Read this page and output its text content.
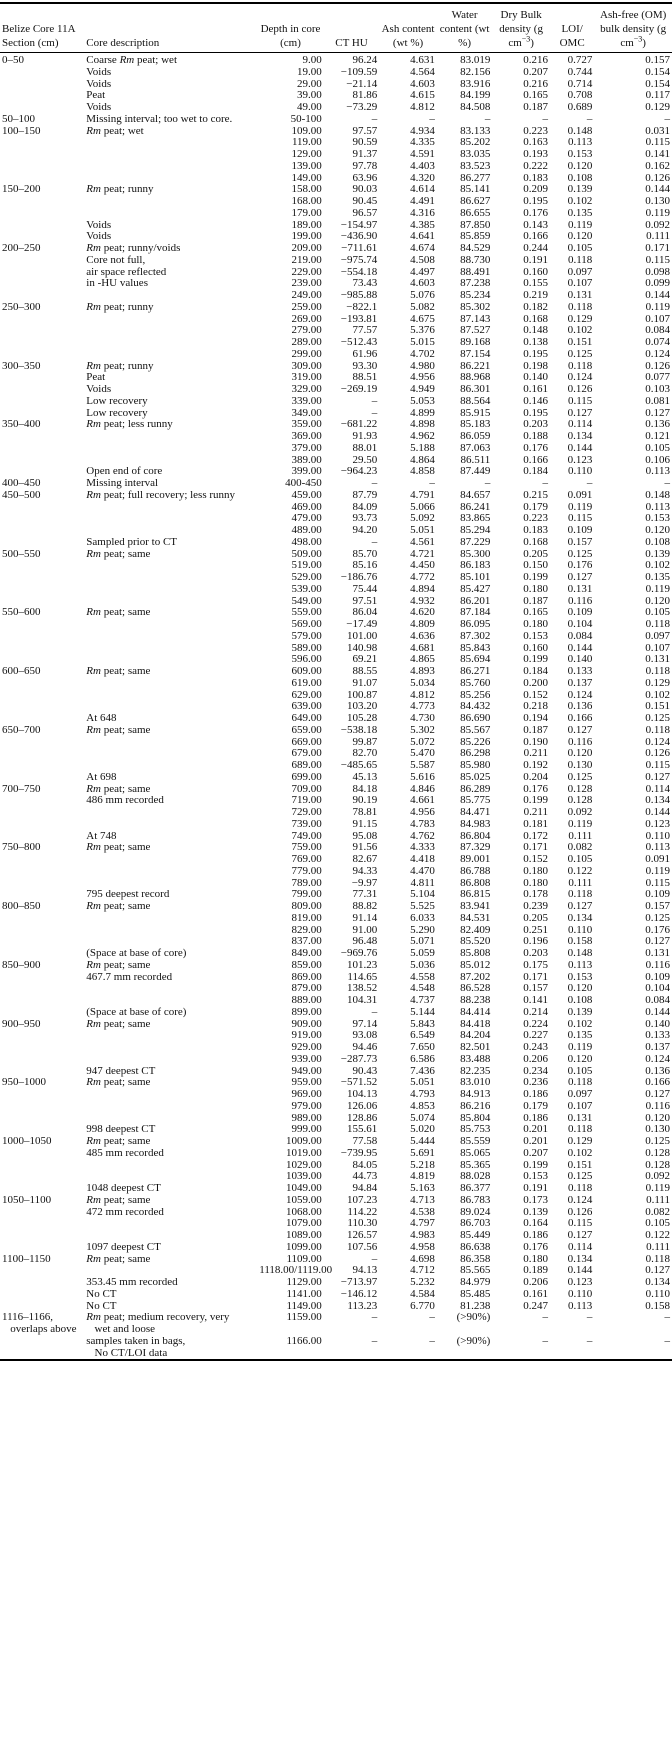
Belize Core 11A Section (cm)	Core description	Depth in core (cm)	CT HU	Ash content (wt %)	Water content (wt %)	Dry Bulk density (g $cm^{-3}$)	LOI/ OMC	Ash-free (OM) bulk density (g $cm^{-3}$)
0–50	Coarse Rm peat; wet	9.00	96.24	4.631	83.019	0.216	0.727	0.157
	Voids	19.00	−109.59	4.564	82.156	0.207	0.744	0.154
	Voids	29.00	−21.14	4.603	83.916	0.216	0.714	0.154
	Peat	39.00	81.86	4.615	84.199	0.165	0.708	0.117
	Voids	49.00	−73.29	4.812	84.508	0.187	0.689	0.129
50–100	Missing interval; too wet to core.	50-100	–	–	–	–	–	–
100–150	Rm peat; wet	109.00	97.57	4.934	83.133	0.223	0.148	0.031
		119.00	90.59	4.335	85.202	0.163	0.113	0.115
		129.00	91.37	4.591	83.035	0.193	0.153	0.141
		139.00	97.78	4.403	83.523	0.222	0.120	0.162
		149.00	63.96	4.320	86.277	0.183	0.108	0.126
150–200	Rm peat; runny	158.00	90.03	4.614	85.141	0.209	0.139	0.144
		168.00	90.45	4.491	86.627	0.195	0.102	0.130
		179.00	96.57	4.316	86.655	0.176	0.135	0.119
	Voids	189.00	−154.97	4.385	87.850	0.143	0.119	0.092
	Voids	199.00	−436.90	4.641	85.859	0.166	0.120	0.111
200–250	Rm peat; runny/voids	209.00	−711.61	4.674	84.529	0.244	0.105	0.171
	Core not full,	219.00	−975.74	4.508	88.730	0.191	0.118	0.115
	air space reflected	229.00	−554.18	4.497	88.491	0.160	0.097	0.098
	in -HU values	239.00	73.43	4.603	87.238	0.155	0.107	0.099
		249.00	−985.88	5.076	85.234	0.219	0.131	0.144
250–300	Rm peat; runny	259.00	−822.1	5.082	85.302	0.182	0.118	0.119
		269.00	−193.81	4.675	87.143	0.168	0.129	0.107
		279.00	77.57	5.376	87.527	0.148	0.102	0.084
		289.00	−512.43	5.015	89.168	0.138	0.151	0.074
		299.00	61.96	4.702	87.154	0.195	0.125	0.124
300–350	Rm peat; runny	309.00	93.30	4.980	86.221	0.198	0.118	0.126
	Peat	319.00	88.51	4.956	88.968	0.140	0.124	0.077
	Voids	329.00	−269.19	4.949	86.301	0.161	0.126	0.103
	Low recovery	339.00	–	5.053	88.564	0.146	0.115	0.081
	Low recovery	349.00	–	4.899	85.915	0.195	0.127	0.127
350–400	Rm peat; less runny	359.00	−681.22	4.898	85.183	0.203	0.114	0.136
		369.00	91.93	4.962	86.059	0.188	0.134	0.121
		379.00	88.01	5.188	87.063	0.176	0.144	0.105
		389.00	29.50	4.864	86.511	0.166	0.123	0.106
	Open end of core	399.00	−964.23	4.858	87.449	0.184	0.110	0.113
400–450	Missing interval	400-450	–	–	–	–	–	–
450–500	Rm peat; full recovery; less runny	459.00	87.79	4.791	84.657	0.215	0.091	0.148
		469.00	84.09	5.066	86.241	0.179	0.119	0.113
		479.00	93.73	5.092	83.865	0.223	0.115	0.153
		489.00	94.20	5.051	85.294	0.183	0.109	0.120
	Sampled prior to CT	498.00	–	4.561	87.229	0.168	0.157	0.108
500–550	Rm peat; same	509.00	85.70	4.721	85.300	0.205	0.125	0.139
		519.00	85.16	4.450	86.183	0.150	0.176	0.102
		529.00	−186.76	4.772	85.101	0.199	0.127	0.135
		539.00	75.44	4.894	85.427	0.180	0.131	0.119
		549.00	97.51	4.932	86.201	0.187	0.116	0.120
550–600	Rm peat; same	559.00	86.04	4.620	87.184	0.165	0.109	0.105
		569.00	−17.49	4.809	86.095	0.180	0.104	0.118
		579.00	101.00	4.636	87.302	0.153	0.084	0.097
		589.00	140.98	4.681	85.843	0.160	0.144	0.107
		596.00	69.21	4.865	85.694	0.199	0.140	0.131
600–650	Rm peat; same	609.00	88.55	4.893	86.271	0.184	0.133	0.118
		619.00	91.07	5.034	85.760	0.200	0.137	0.129
		629.00	100.87	4.812	85.256	0.152	0.124	0.102
		639.00	103.20	4.773	84.432	0.218	0.136	0.151
	At 648	649.00	105.28	4.730	86.690	0.194	0.166	0.125
650–700	Rm peat; same	659.00	−538.18	5.302	85.567	0.187	0.127	0.118
		669.00	99.87	5.072	85.226	0.190	0.116	0.124
		679.00	82.70	5.470	86.298	0.211	0.120	0.126
		689.00	−485.65	5.587	85.980	0.192	0.130	0.115
	At 698	699.00	45.13	5.616	85.025	0.204	0.125	0.127
700–750	Rm peat; same	709.00	84.18	4.846	86.289	0.176	0.128	0.114
	486 mm recorded	719.00	90.19	4.661	85.775	0.199	0.128	0.134
		729.00	78.81	4.956	84.471	0.211	0.092	0.144
		739.00	91.15	4.783	84.983	0.181	0.119	0.123
	At 748	749.00	95.08	4.762	86.804	0.172	0.111	0.110
750–800	Rm peat; same	759.00	91.56	4.333	87.329	0.171	0.082	0.113
		769.00	82.67	4.418	89.001	0.152	0.105	0.091
		779.00	94.33	4.470	86.788	0.180	0.122	0.119
		789.00	−9.97	4.811	86.808	0.180	0.111	0.115
	795 deepest record	799.00	77.31	5.104	86.815	0.178	0.118	0.109
800–850	Rm peat; same	809.00	88.82	5.525	83.941	0.239	0.127	0.157
		819.00	91.14	6.033	84.531	0.205	0.134	0.125
		829.00	91.00	5.290	82.409	0.251	0.110	0.176
		837.00	96.48	5.071	85.520	0.196	0.158	0.127
	(Space at base of core)	849.00	−969.76	5.059	85.808	0.203	0.148	0.131
850–900	Rm peat; same	859.00	101.23	5.036	85.012	0.175	0.113	0.116
	467.7 mm recorded	869.00	114.65	4.558	87.202	0.171	0.153	0.109
		879.00	138.52	4.548	86.528	0.157	0.120	0.104
		889.00	104.31	4.737	88.238	0.141	0.108	0.084
	(Space at base of core)	899.00	–	5.144	84.414	0.214	0.139	0.144
900–950	Rm peat; same	909.00	97.14	5.843	84.418	0.224	0.102	0.140
		919.00	93.08	6.549	84.204	0.227	0.135	0.133
		929.00	94.46	7.650	82.501	0.243	0.119	0.137
		939.00	−287.73	6.586	83.488	0.206	0.120	0.124
	947 deepest CT	949.00	90.43	7.436	82.235	0.234	0.105	0.136
950–1000	Rm peat; same	959.00	−571.52	5.051	83.010	0.236	0.118	0.166
		969.00	104.13	4.793	84.913	0.186	0.097	0.127
		979.00	126.06	4.853	86.216	0.179	0.107	0.116
		989.00	128.86	5.074	85.804	0.186	0.131	0.120
	998 deepest CT	999.00	155.61	5.020	85.753	0.201	0.118	0.130
1000–1050	Rm peat; same	1009.00	77.58	5.444	85.559	0.201	0.129	0.125
	485 mm recorded	1019.00	−739.95	5.691	85.065	0.207	0.102	0.128
		1029.00	84.05	5.218	85.365	0.199	0.151	0.128
		1039.00	44.73	4.819	88.028	0.153	0.125	0.092
	1048 deepest CT	1049.00	94.84	5.163	86.377	0.191	0.118	0.119
1050–1100	Rm peat; same	1059.00	107.23	4.713	86.783	0.173	0.124	0.111
	472 mm recorded	1068.00	114.22	4.538	89.024	0.139	0.126	0.082
		1079.00	110.30	4.797	86.703	0.164	0.115	0.105
		1089.00	126.57	4.983	85.449	0.186	0.127	0.122
	1097 deepest CT	1099.00	107.56	4.958	86.638	0.176	0.114	0.111
1100–1150	Rm peat; same	1109.00	–	4.698	86.358	0.180	0.134	0.118
		1118.00/1119.00	94.13	4.712	85.565	0.189	0.144	0.127
	353.45 mm recorded	1129.00	−713.97	5.232	84.979	0.206	0.123	0.134
	No CT	1141.00	−146.12	4.584	85.485	0.161	0.110	0.110
	No CT	1149.00	113.23	6.770	81.238	0.247	0.113	0.158
1116–1166,	Rm peat; medium recovery, very	1159.00	–	–	(>90%)	–	–	–
overlaps above	wet and loose							
	samples taken in bags,	1166.00	–	–	(>90%)	–	–	–
	No CT/LOI data							
